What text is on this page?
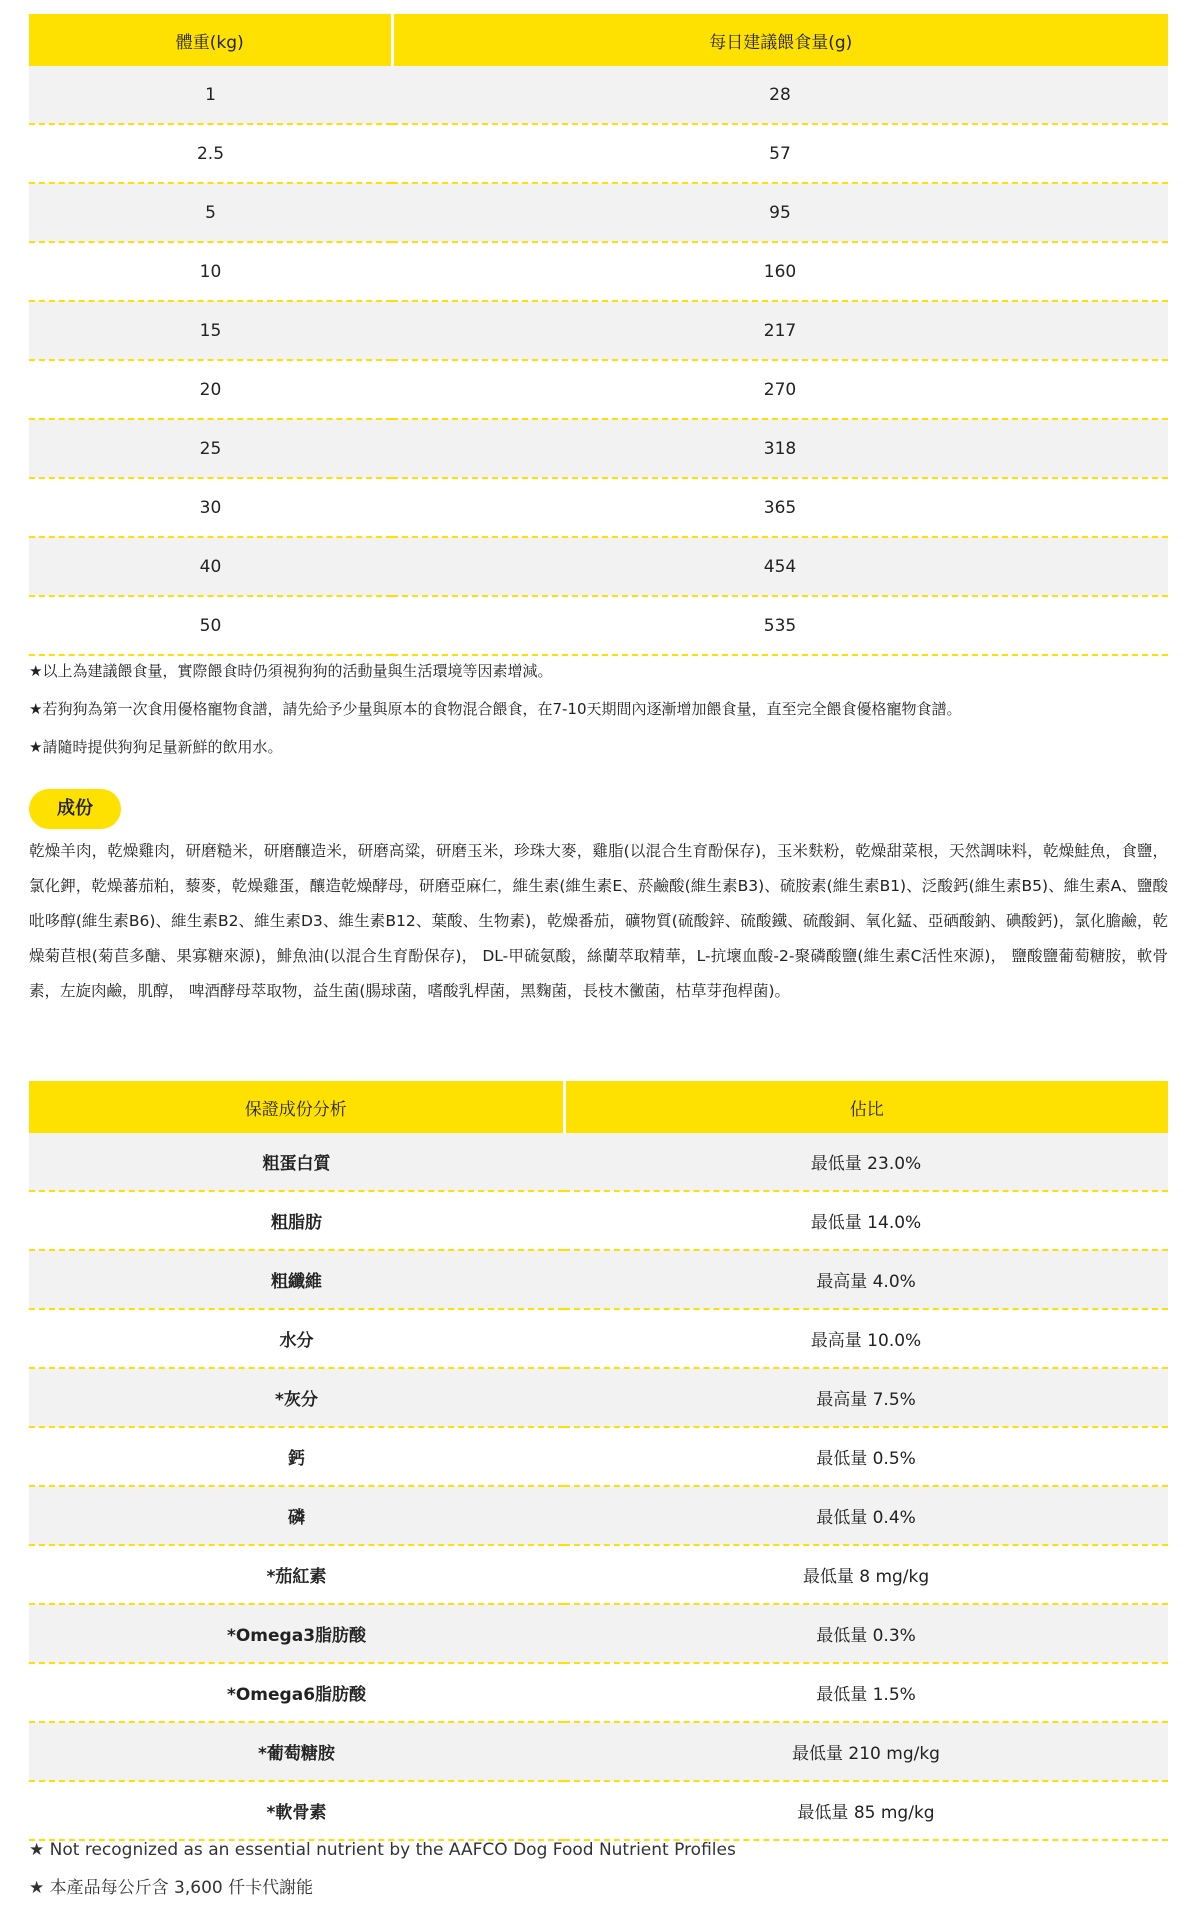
體重(kg)	每日建議餵食量(g)
1	28
2.5	57
5	95
10	160
15	217
20	270
25	318
30	365
40	454
50	535

★以上為建議餵食量，實際餵食時仍須視狗狗的活動量與生活環境等因素增減。

★若狗狗為第一次食用優格寵物食譜，請先給予少量與原本的食物混合餵食，在7-10天期間內逐漸增加餵食量，直至完全餵食優格寵物食譜。

★請隨時提供狗狗足量新鮮的飲用水。

成份
乾燥羊肉，乾燥雞肉，研磨糙米，研磨釀造米，研磨高粱，研磨玉米，珍珠大麥，雞脂(以混合生育酚保存)，玉米麩粉，乾燥甜菜根，天然調味料，乾燥鮭魚，食鹽，氯化鉀，乾燥蕃茄粕，藜麥，乾燥雞蛋，釀造乾燥酵母，研磨亞麻仁，維生素(維生素E、菸鹼酸(維生素B3)、硫胺素(維生素B1)、泛酸鈣(維生素B5)、維生素A、鹽酸吡哆醇(維生素B6)、維生素B2、維生素D3、維生素B12、葉酸、生物素)，乾燥番茄，礦物質(硫酸鋅、硫酸鐵、硫酸銅、氧化錳、亞硒酸鈉、碘酸鈣)，氯化膽鹼，乾燥菊苣根(菊苣多醣、果寡糖來源)，鯡魚油(以混合生育酚保存)， DL-甲硫氨酸，絲蘭萃取精華，L-抗壞血酸-2-聚磷酸鹽(維生素C活性來源)， 鹽酸鹽葡萄糖胺，軟骨素，左旋肉鹼，肌醇， 啤酒酵母萃取物，益生菌(腸球菌，嗜酸乳桿菌，黑麴菌，長枝木黴菌，枯草芽孢桿菌)。
保證成份分析	佔比
粗蛋白質	最低量 23.0%
粗脂肪	最低量 14.0%
粗纖維	最高量 4.0%
水分	最高量 10.0%
*灰分	最高量 7.5%
鈣	最低量 0.5%
磷	最低量 0.4%
*茄紅素	最低量 8 mg/kg
*Omega3脂肪酸	最低量 0.3%
*Omega6脂肪酸	最低量 1.5%
*葡萄糖胺	最低量 210 mg/kg
*軟骨素	最低量 85 mg/kg

★ Not recognized as an essential nutrient by the AAFCO Dog Food Nutrient Profiles

★ 本產品每公斤含 3,600 仟卡代謝能
